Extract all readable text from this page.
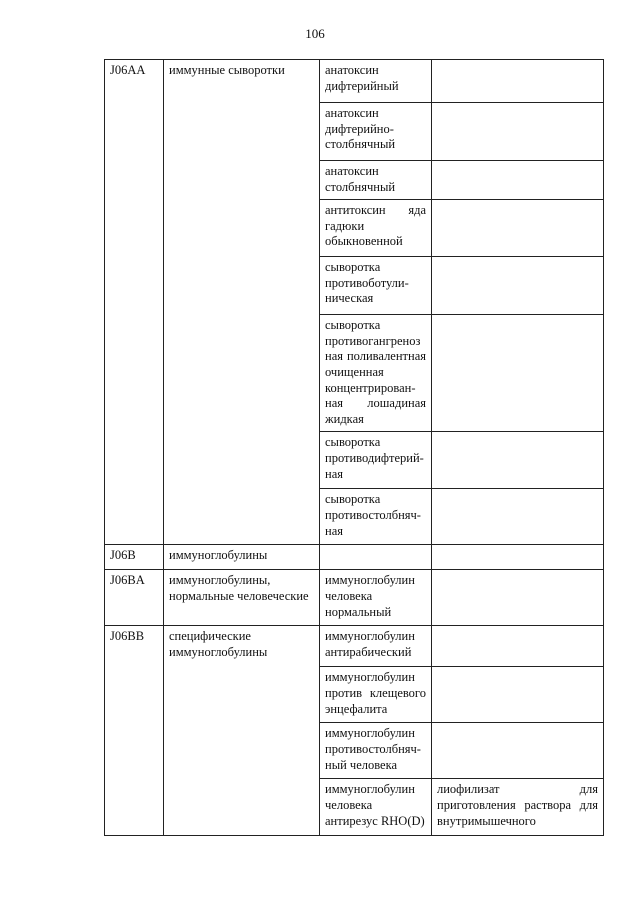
106
J06AA	иммунные сыворотки	анатоксин дифтерийный	
		анатоксин дифтерийно-столбнячный	
		анатоксин столбнячный	
		антитоксин яда гадюки обыкновенной	
		сыворотка противоботули-ническая	
		сыворотка противогангреноз ная поливалентная очищенная концентрирован-ная лошадиная жидкая	
		сыворотка противодифтерий-ная	
		сыворотка противостолбняч-ная	
J06B	иммуноглобулины		
J06BA	иммуноглобулины, нормальные человеческие	иммуноглобулин человека нормальный	
J06BB	специфические иммуноглобулины	иммуноглобулин антирабический	
		иммуноглобулин против клещевого энцефалита	
		иммуноглобулин противостолбняч-ный человека	
		иммуноглобулин человека антирезус RHO(D)	лиофилизат для приготовления раствора для внутримышечного
